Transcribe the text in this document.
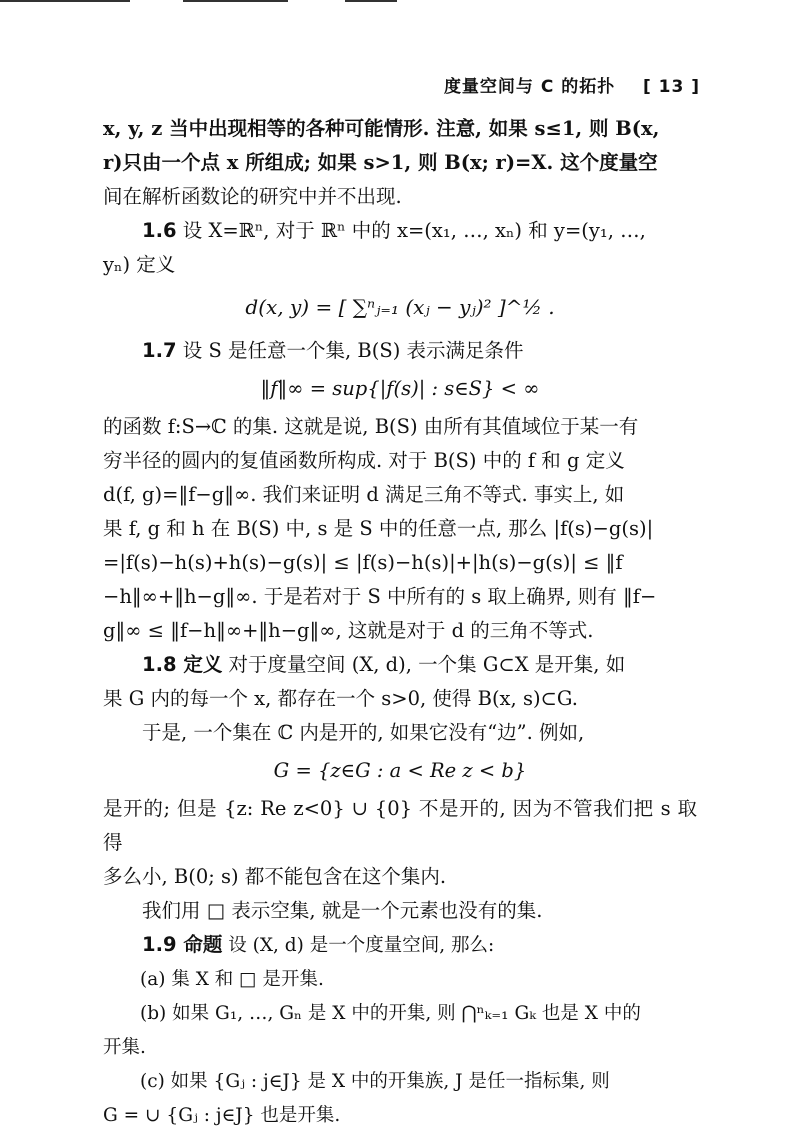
度量空间与 C 的拓扑 [ 13 ]

x, y, z 当中出现相等的各种可能情形. 注意, 如果 s≤1, 则 B(x,

r)只由一个点 x 所组成; 如果 s>1, 则 B(x; r)=X. 这个度量空

间在解析函数论的研究中并不出现.

1.6 设 X=ℝⁿ, 对于 ℝⁿ 中的 x=(x₁, …, xₙ) 和 y=(y₁, …,

yₙ) 定义

d(x, y) = [ ∑ⁿⱼ₌₁ (xⱼ − yⱼ)² ]^½ .

1.7 设 S 是任意一个集, B(S) 表示满足条件

‖f‖∞ = sup{|f(s)| : s∈S} < ∞

的函数 f:S→ℂ 的集. 这就是说, B(S) 由所有其值域位于某一有

穷半径的圆内的复值函数所构成. 对于 B(S) 中的 f 和 g 定义

d(f, g)=‖f−g‖∞. 我们来证明 d 满足三角不等式. 事实上, 如

果 f, g 和 h 在 B(S) 中, s 是 S 中的任意一点, 那么 |f(s)−g(s)|

=|f(s)−h(s)+h(s)−g(s)| ≤ |f(s)−h(s)|+|h(s)−g(s)| ≤ ‖f

−h‖∞+‖h−g‖∞. 于是若对于 S 中所有的 s 取上确界, 则有 ‖f−

g‖∞ ≤ ‖f−h‖∞+‖h−g‖∞, 这就是对于 d 的三角不等式.

1.8 定义 对于度量空间 (X, d), 一个集 G⊂X 是开集, 如

果 G 内的每一个 x, 都存在一个 s>0, 使得 B(x, s)⊂G.

于是, 一个集在 ℂ 内是开的, 如果它没有“边”. 例如,

G = {z∈G : a < Re z < b}

是开的; 但是 {z: Re z<0} ∪ {0} 不是开的, 因为不管我们把 s 取得

多么小, B(0; s) 都不能包含在这个集内.

我们用 □ 表示空集, 就是一个元素也没有的集.

1.9 命题 设 (X, d) 是一个度量空间, 那么:

(a) 集 X 和 □ 是开集.

(b) 如果 G₁, …, Gₙ 是 X 中的开集, 则 ⋂ⁿₖ₌₁ Gₖ 也是 X 中的

开集.

(c) 如果 {Gⱼ : j∈J} 是 X 中的开集族, J 是任一指标集, 则

G = ∪ {Gⱼ : j∈J} 也是开集.
